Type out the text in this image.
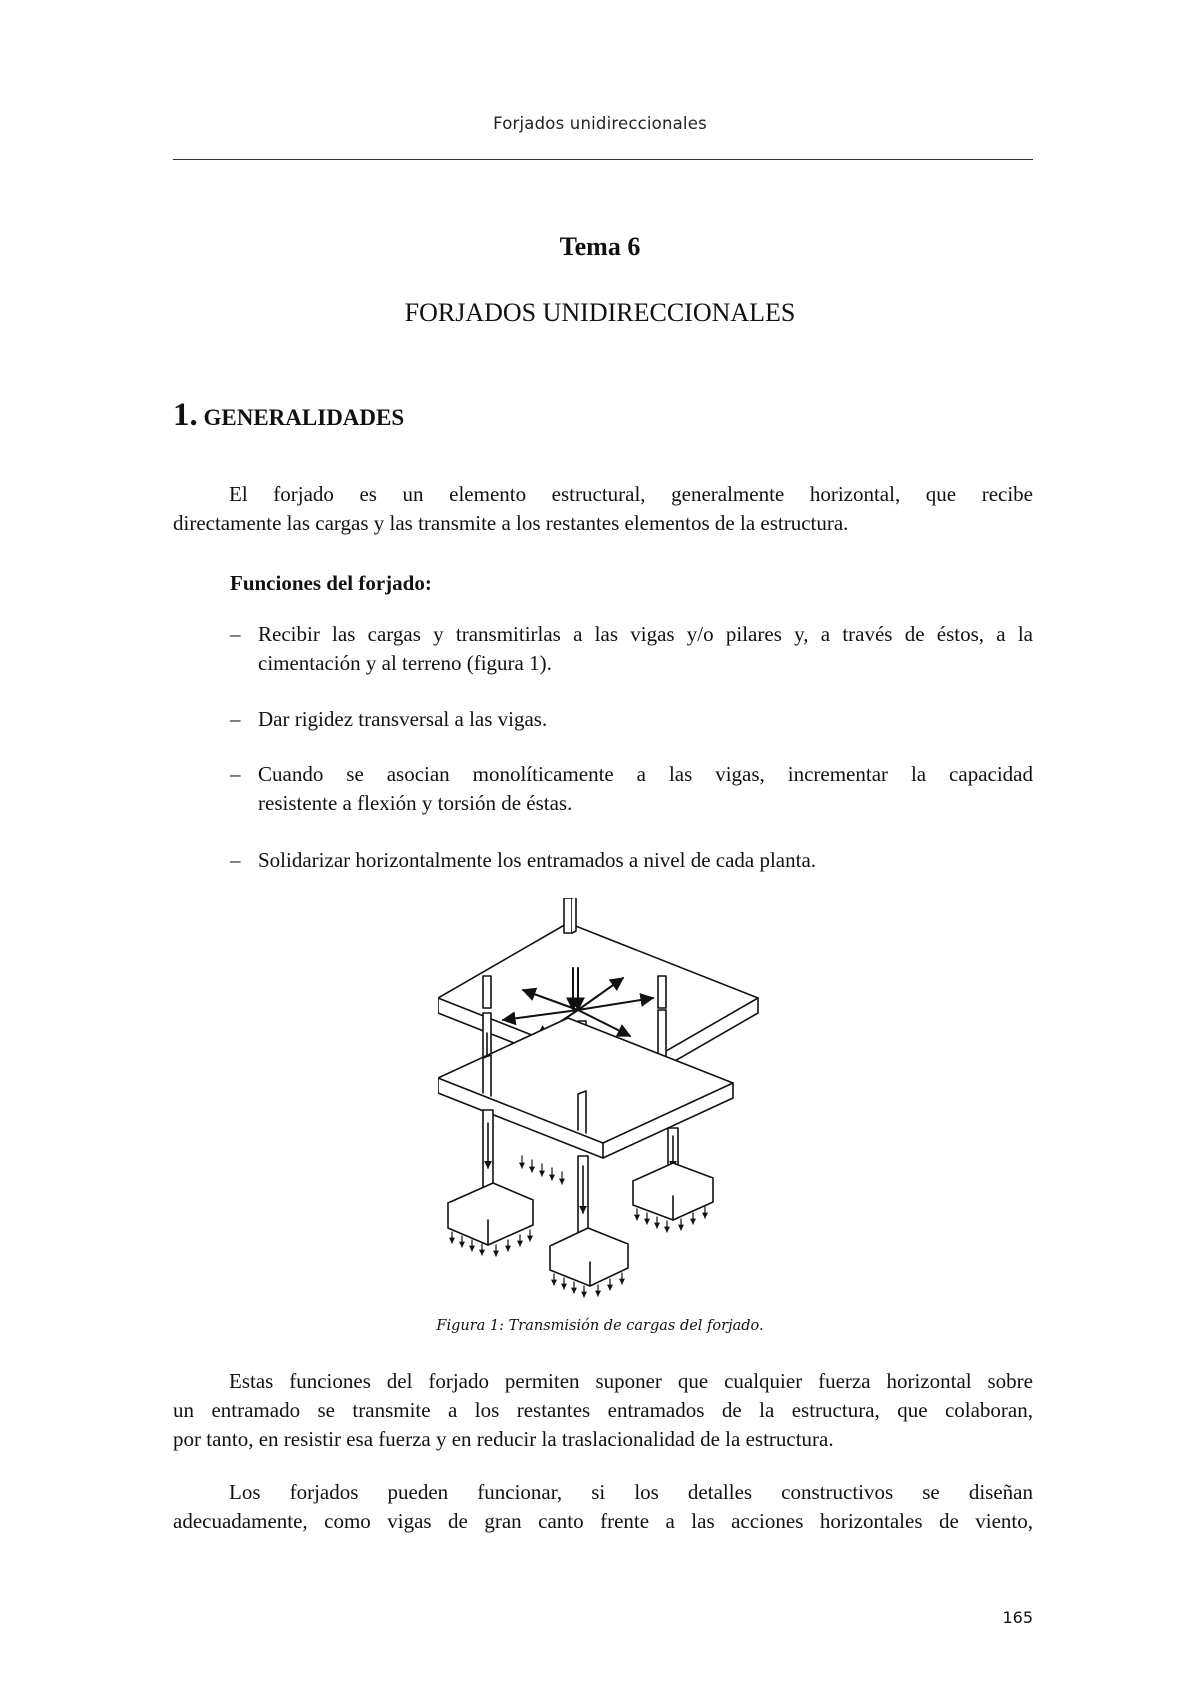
Forjados unidireccionales
Tema 6
FORJADOS UNIDIRECCIONALES
1. GENERALIDADES

El forjado es un elemento estructural, generalmente horizontal, que recibe
directamente las cargas y las transmite a los restantes elementos de la estructura.

Funciones del forjado:
– Recibir las cargas y transmitirlas a las vigas y/o pilares y, a través de éstos, a la
cimentación y al terreno (figura 1).
– Dar rigidez transversal a las vigas.
– Cuando se asocian monolíticamente a las vigas, incrementar la capacidad
resistente a flexión y torsión de éstas.
– Solidarizar horizontalmente los entramados a nivel de cada planta.
Figura 1: Transmisión de cargas del forjado.

Estas funciones del forjado permiten suponer que cualquier fuerza horizontal sobre
un entramado se transmite a los restantes entramados de la estructura, que colaboran,
por tanto, en resistir esa fuerza y en reducir la traslacionalidad de la estructura.

Los forjados pueden funcionar, si los detalles constructivos se diseñan
adecuadamente, como vigas de gran canto frente a las acciones horizontales de viento,

165
